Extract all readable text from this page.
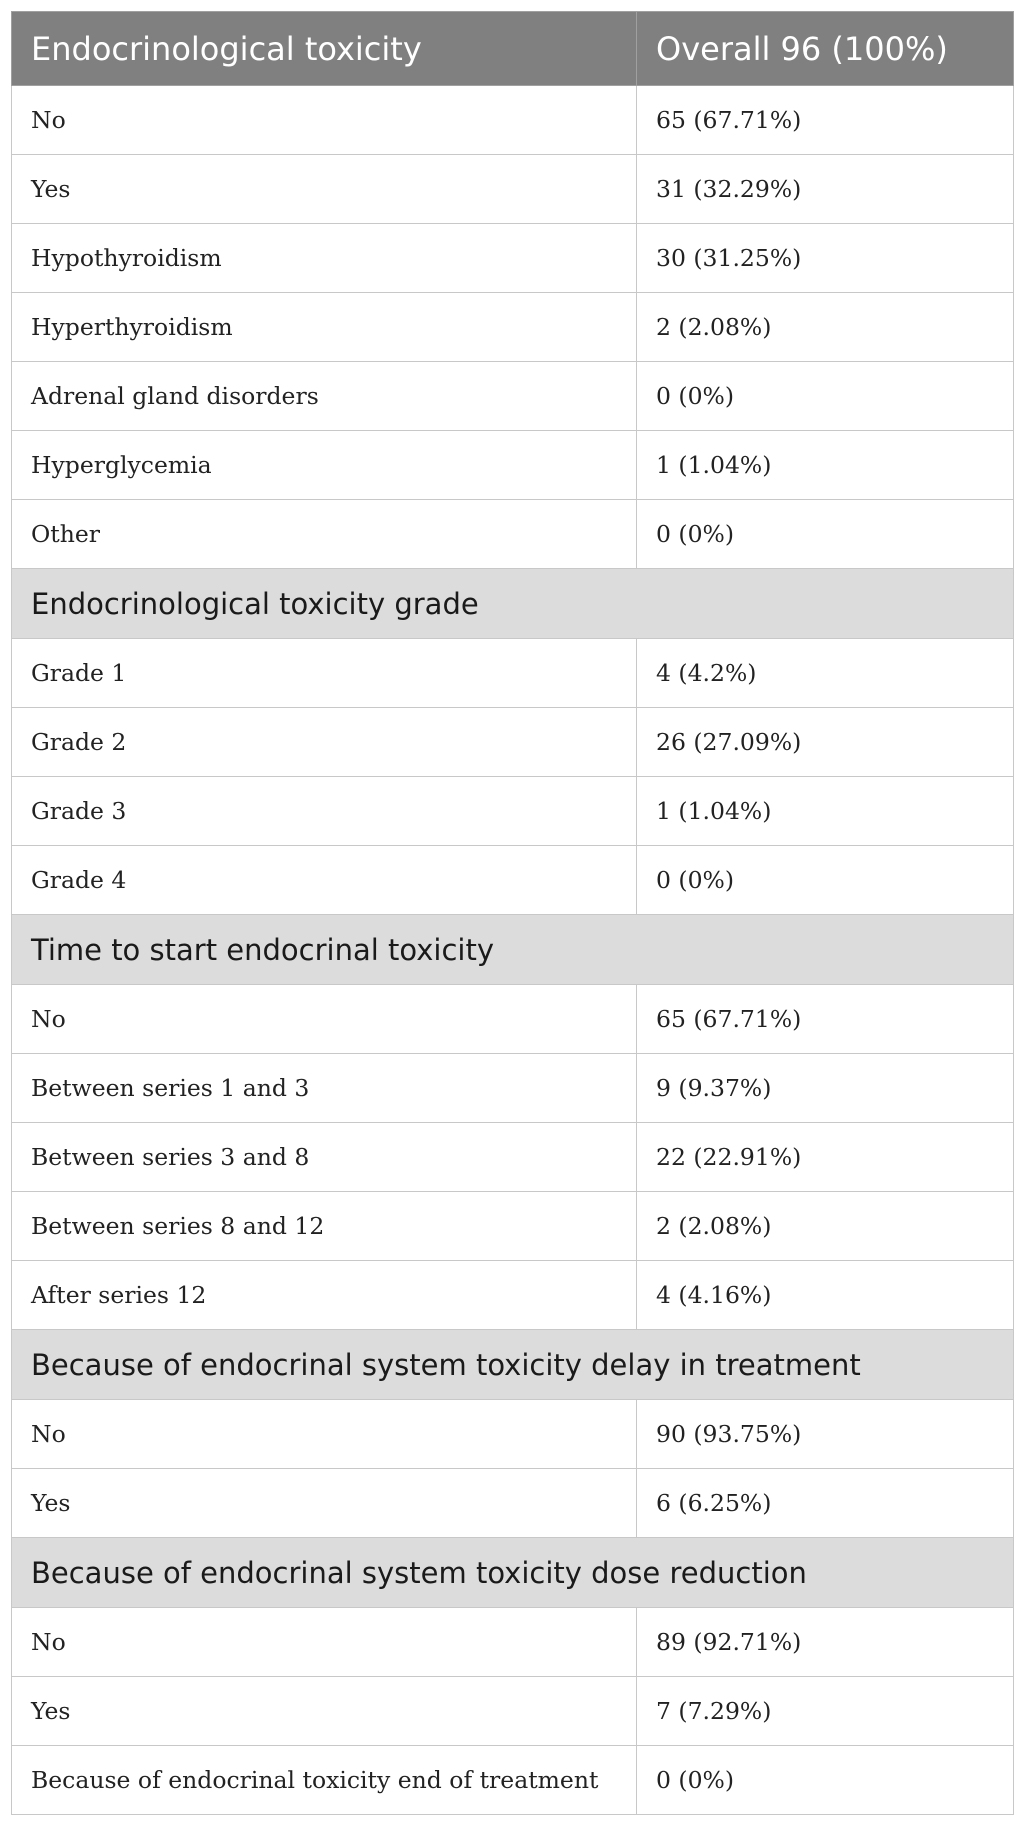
Endocrinological toxicity	Overall 96 (100%)
No	65 (67.71%)
Yes	31 (32.29%)
Hypothyroidism	30 (31.25%)
Hyperthyroidism	2 (2.08%)
Adrenal gland disorders	0 (0%)
Hyperglycemia	1 (1.04%)
Other	0 (0%)
Endocrinological toxicity grade	
Grade 1	4 (4.2%)
Grade 2	26 (27.09%)
Grade 3	1 (1.04%)
Grade 4	0 (0%)
Time to start endocrinal toxicity	
No	65 (67.71%)
Between series 1 and 3	9 (9.37%)
Between series 3 and 8	22 (22.91%)
Between series 8 and 12	2 (2.08%)
After series 12	4 (4.16%)
Because of endocrinal system toxicity delay in treatment	
No	90 (93.75%)
Yes	6 (6.25%)
Because of endocrinal system toxicity dose reduction	
No	89 (92.71%)
Yes	7 (7.29%)
Because of endocrinal toxicity end of treatment	0 (0%)
